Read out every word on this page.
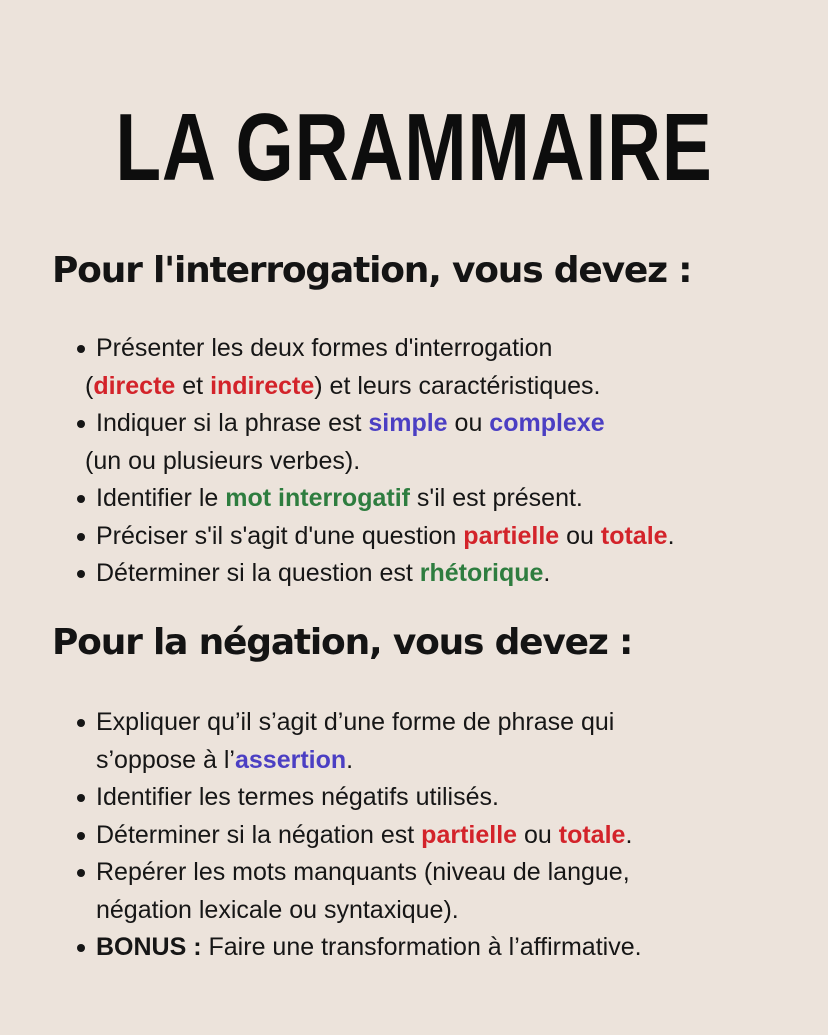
LA GRAMMAIRE
Pour l'interrogation, vous devez :
Présenter les deux formes d'interrogation
(directe et indirecte) et leurs caractéristiques.
Indiquer si la phrase est simple ou complexe
(un ou plusieurs verbes).
Identifier le mot interrogatif s'il est présent.
Préciser s'il s'agit d'une question partielle ou totale.
Déterminer si la question est rhétorique.
Pour la négation, vous devez :
Expliquer qu’il s’agit d’une forme de phrase qui
s’oppose à l’assertion.
Identifier les termes négatifs utilisés.
Déterminer si la négation est partielle ou totale.
Repérer les mots manquants (niveau de langue,
négation lexicale ou syntaxique).
BONUS : Faire une transformation à l’affirmative.
